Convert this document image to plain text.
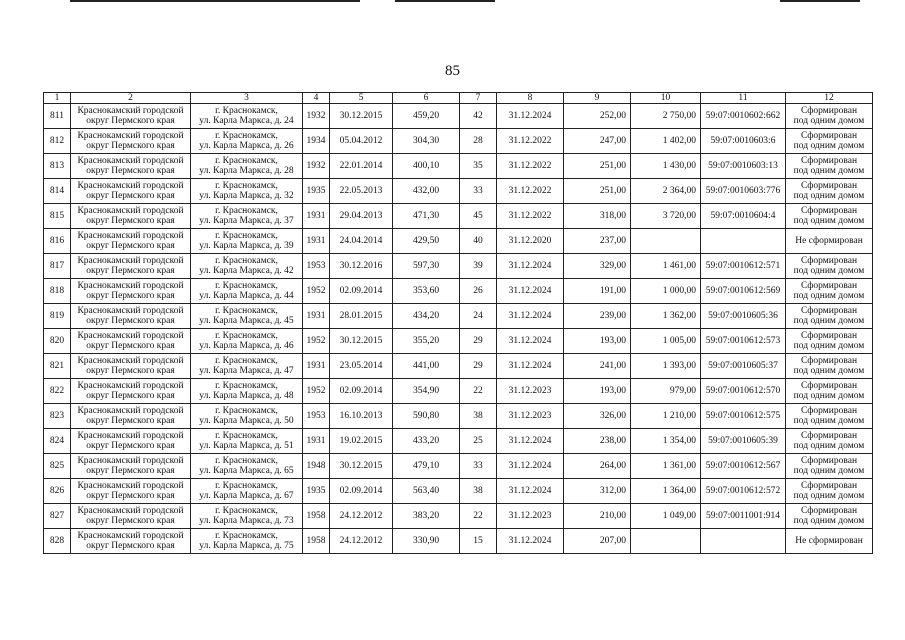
85
1	2	3	4	5	6	7	8	9	10	11	12
811	Краснокамский городской
округ Пермского края	г. Краснокамск,
ул. Карла Маркса, д. 24	1932	30.12.2015	459,20	42	31.12.2024	252,00	2 750,00	59:07:0010602:662	Сформирован
под одним домом

812	Краснокамский городской
округ Пермского края	г. Краснокамск,
ул. Карла Маркса, д. 26	1934	05.04.2012	304,30	28	31.12.2022	247,00	1 402,00	59:07:0010603:6	Сформирован
под одним домом

813	Краснокамский городской
округ Пермского края	г. Краснокамск,
ул. Карла Маркса, д. 28	1932	22.01.2014	400,10	35	31.12.2022	251,00	1 430,00	59:07:0010603:13	Сформирован
под одним домом

814	Краснокамский городской
округ Пермского края	г. Краснокамск,
ул. Карла Маркса, д. 32	1935	22.05.2013	432,00	33	31.12.2022	251,00	2 364,00	59:07:0010603:776	Сформирован
под одним домом

815	Краснокамский городской
округ Пермского края	г. Краснокамск,
ул. Карла Маркса, д. 37	1931	29.04.2013	471,30	45	31.12.2022	318,00	3 720,00	59:07:0010604:4	Сформирован
под одним домом

816	Краснокамский городской
округ Пермского края	г. Краснокамск,
ул. Карла Маркса, д. 39	1931	24.04.2014	429,50	40	31.12.2020	237,00			Не сформирован

817	Краснокамский городской
округ Пермского края	г. Краснокамск,
ул. Карла Маркса, д. 42	1953	30.12.2016	597,30	39	31.12.2024	329,00	1 461,00	59:07:0010612:571	Сформирован
под одним домом

818	Краснокамский городской
округ Пермского края	г. Краснокамск,
ул. Карла Маркса, д. 44	1952	02.09.2014	353,60	26	31.12.2024	191,00	1 000,00	59:07:0010612:569	Сформирован
под одним домом

819	Краснокамский городской
округ Пермского края	г. Краснокамск,
ул. Карла Маркса, д. 45	1931	28.01.2015	434,20	24	31.12.2024	239,00	1 362,00	59:07:0010605:36	Сформирован
под одним домом

820	Краснокамский городской
округ Пермского края	г. Краснокамск,
ул. Карла Маркса, д. 46	1952	30.12.2015	355,20	29	31.12.2024	193,00	1 005,00	59:07:0010612:573	Сформирован
под одним домом

821	Краснокамский городской
округ Пермского края	г. Краснокамск,
ул. Карла Маркса, д. 47	1931	23.05.2014	441,00	29	31.12.2024	241,00	1 393,00	59:07:0010605:37	Сформирован
под одним домом

822	Краснокамский городской
округ Пермского края	г. Краснокамск,
ул. Карла Маркса, д. 48	1952	02.09.2014	354,90	22	31.12.2023	193,00	979,00	59:07:0010612:570	Сформирован
под одним домом

823	Краснокамский городской
округ Пермского края	г. Краснокамск,
ул. Карла Маркса, д. 50	1953	16.10.2013	590,80	38	31.12.2023	326,00	1 210,00	59:07:0010612:575	Сформирован
под одним домом

824	Краснокамский городской
округ Пермского края	г. Краснокамск,
ул. Карла Маркса, д. 51	1931	19.02.2015	433,20	25	31.12.2024	238,00	1 354,00	59:07:0010605:39	Сформирован
под одним домом

825	Краснокамский городской
округ Пермского края	г. Краснокамск,
ул. Карла Маркса, д. 65	1948	30.12.2015	479,10	33	31.12.2024	264,00	1 361,00	59:07:0010612:567	Сформирован
под одним домом

826	Краснокамский городской
округ Пермского края	г. Краснокамск,
ул. Карла Маркса, д. 67	1935	02.09.2014	563,40	38	31.12.2024	312,00	1 364,00	59:07:0010612:572	Сформирован
под одним домом

827	Краснокамский городской
округ Пермского края	г. Краснокамск,
ул. Карла Маркса, д. 73	1958	24.12.2012	383,20	22	31.12.2023	210,00	1 049,00	59:07:0011001:914	Сформирован
под одним домом

828	Краснокамский городской
округ Пермского края	г. Краснокамск,
ул. Карла Маркса, д. 75	1958	24.12.2012	330,90	15	31.12.2024	207,00			Не сформирован
